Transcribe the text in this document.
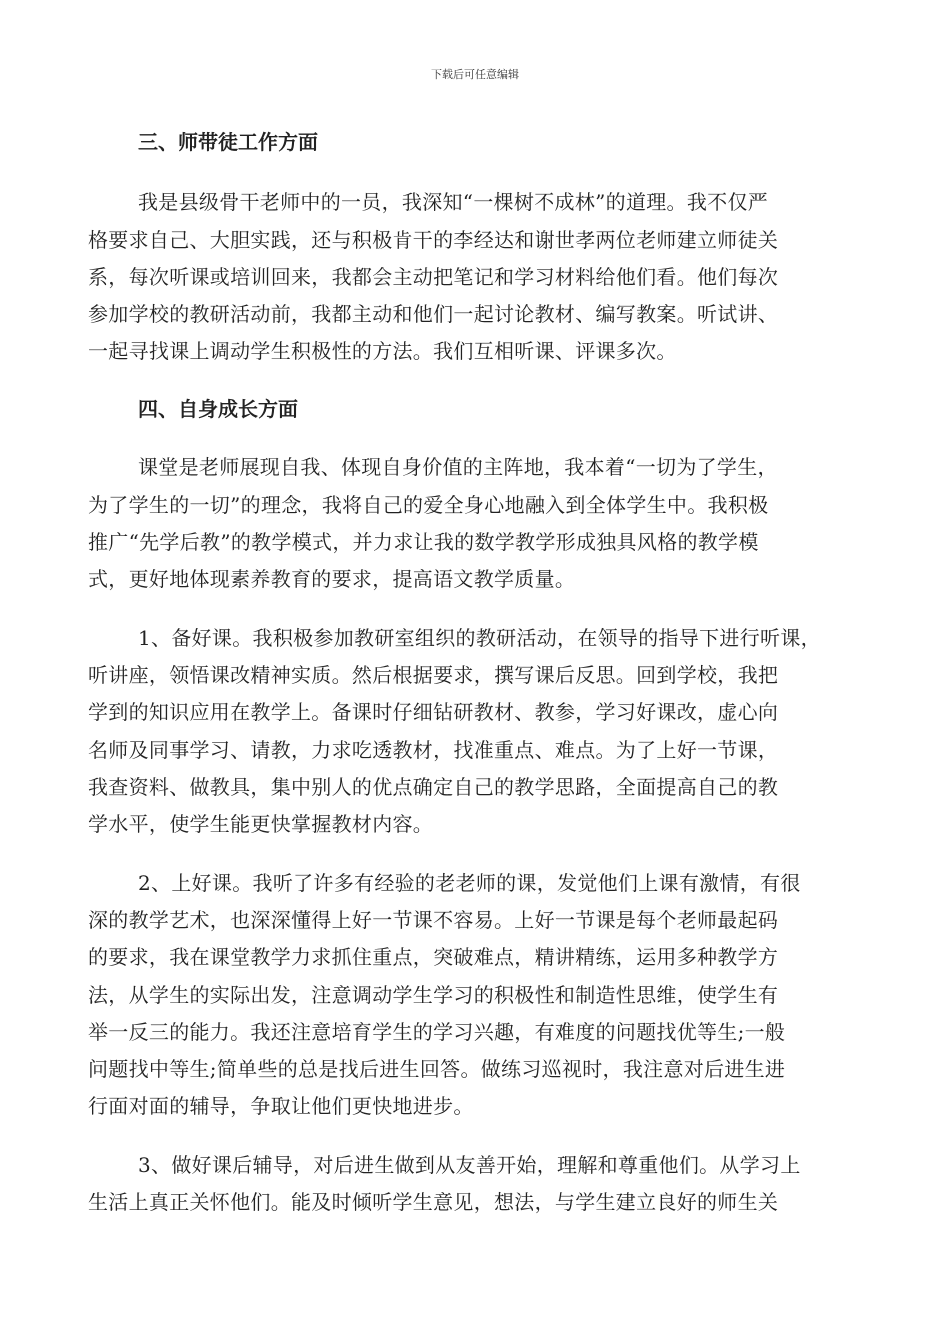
下载后可任意编辑
三、师带徒工作方面
我是县级骨干老师中的一员，我深知“一棵树不成林”的道理。我不仅严
格要求自己、大胆实践，还与积极肯干的李经达和谢世孝两位老师建立师徒关
系，每次听课或培训回来，我都会主动把笔记和学习材料给他们看。他们每次
参加学校的教研活动前，我都主动和他们一起讨论教材、编写教案。听试讲、
一起寻找课上调动学生积极性的方法。我们互相听课、评课多次。
四、自身成长方面
课堂是老师展现自我、体现自身价值的主阵地，我本着“一切为了学生，
为了学生的一切”的理念，我将自己的爱全身心地融入到全体学生中。我积极
推广“先学后教”的教学模式，并力求让我的数学教学形成独具风格的教学模
式，更好地体现素养教育的要求，提高语文教学质量。
1、备好课。我积极参加教研室组织的教研活动，在领导的指导下进行听课，
听讲座，领悟课改精神实质。然后根据要求，撰写课后反思。回到学校，我把
学到的知识应用在教学上。备课时仔细钻研教材、教参，学习好课改，虚心向
名师及同事学习、请教，力求吃透教材，找准重点、难点。为了上好一节课，
我查资料、做教具，集中别人的优点确定自己的教学思路，全面提高自己的教
学水平，使学生能更快掌握教材内容。
2、上好课。我听了许多有经验的老老师的课，发觉他们上课有激情，有很
深的教学艺术，也深深懂得上好一节课不容易。上好一节课是每个老师最起码
的要求，我在课堂教学力求抓住重点，突破难点，精讲精练，运用多种教学方
法，从学生的实际出发，注意调动学生学习的积极性和制造性思维，使学生有
举一反三的能力。我还注意培育学生的学习兴趣，有难度的问题找优等生;一般
问题找中等生;简单些的总是找后进生回答。做练习巡视时，我注意对后进生进
行面对面的辅导，争取让他们更快地进步。
3、做好课后辅导，对后进生做到从友善开始，理解和尊重他们。从学习上
生活上真正关怀他们。能及时倾听学生意见，想法，与学生建立良好的师生关
